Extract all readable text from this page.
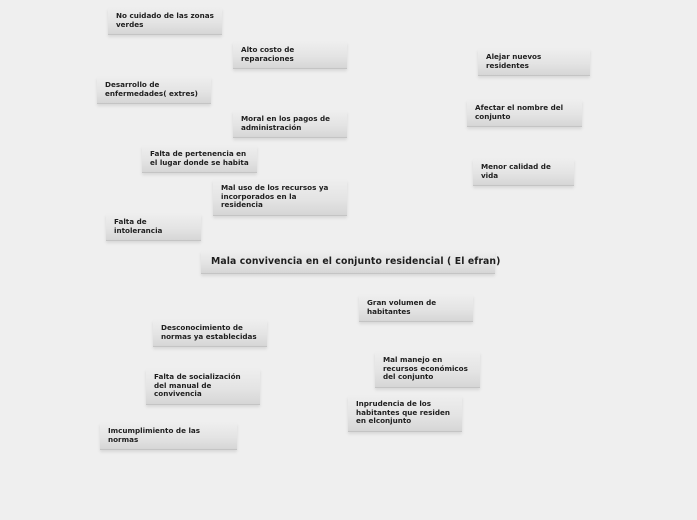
No cuidado de las zonas verdes
Alto costo de reparaciones	Alejar nuevos residentes
Desarrollo de enfermedades( extres)
Afectar el nombre del conjunto
Moral en los pagos de administración
Falta de pertenencia en el lugar donde se habita	Menor calidad de vida
Mal uso de los recursos ya incorporados en la residencia
Falta de intolerancia
Mala convivencia en el conjunto residencial ( El efran)
Gran volumen de habitantes
Desconocimiento de normas ya establecidas
Mal manejo en recursos económicos del conjunto
Falta de socialización del manual de convivencia
Inprudencia de los habitantes que residen en elconjunto
Imcumplimiento de las normas
